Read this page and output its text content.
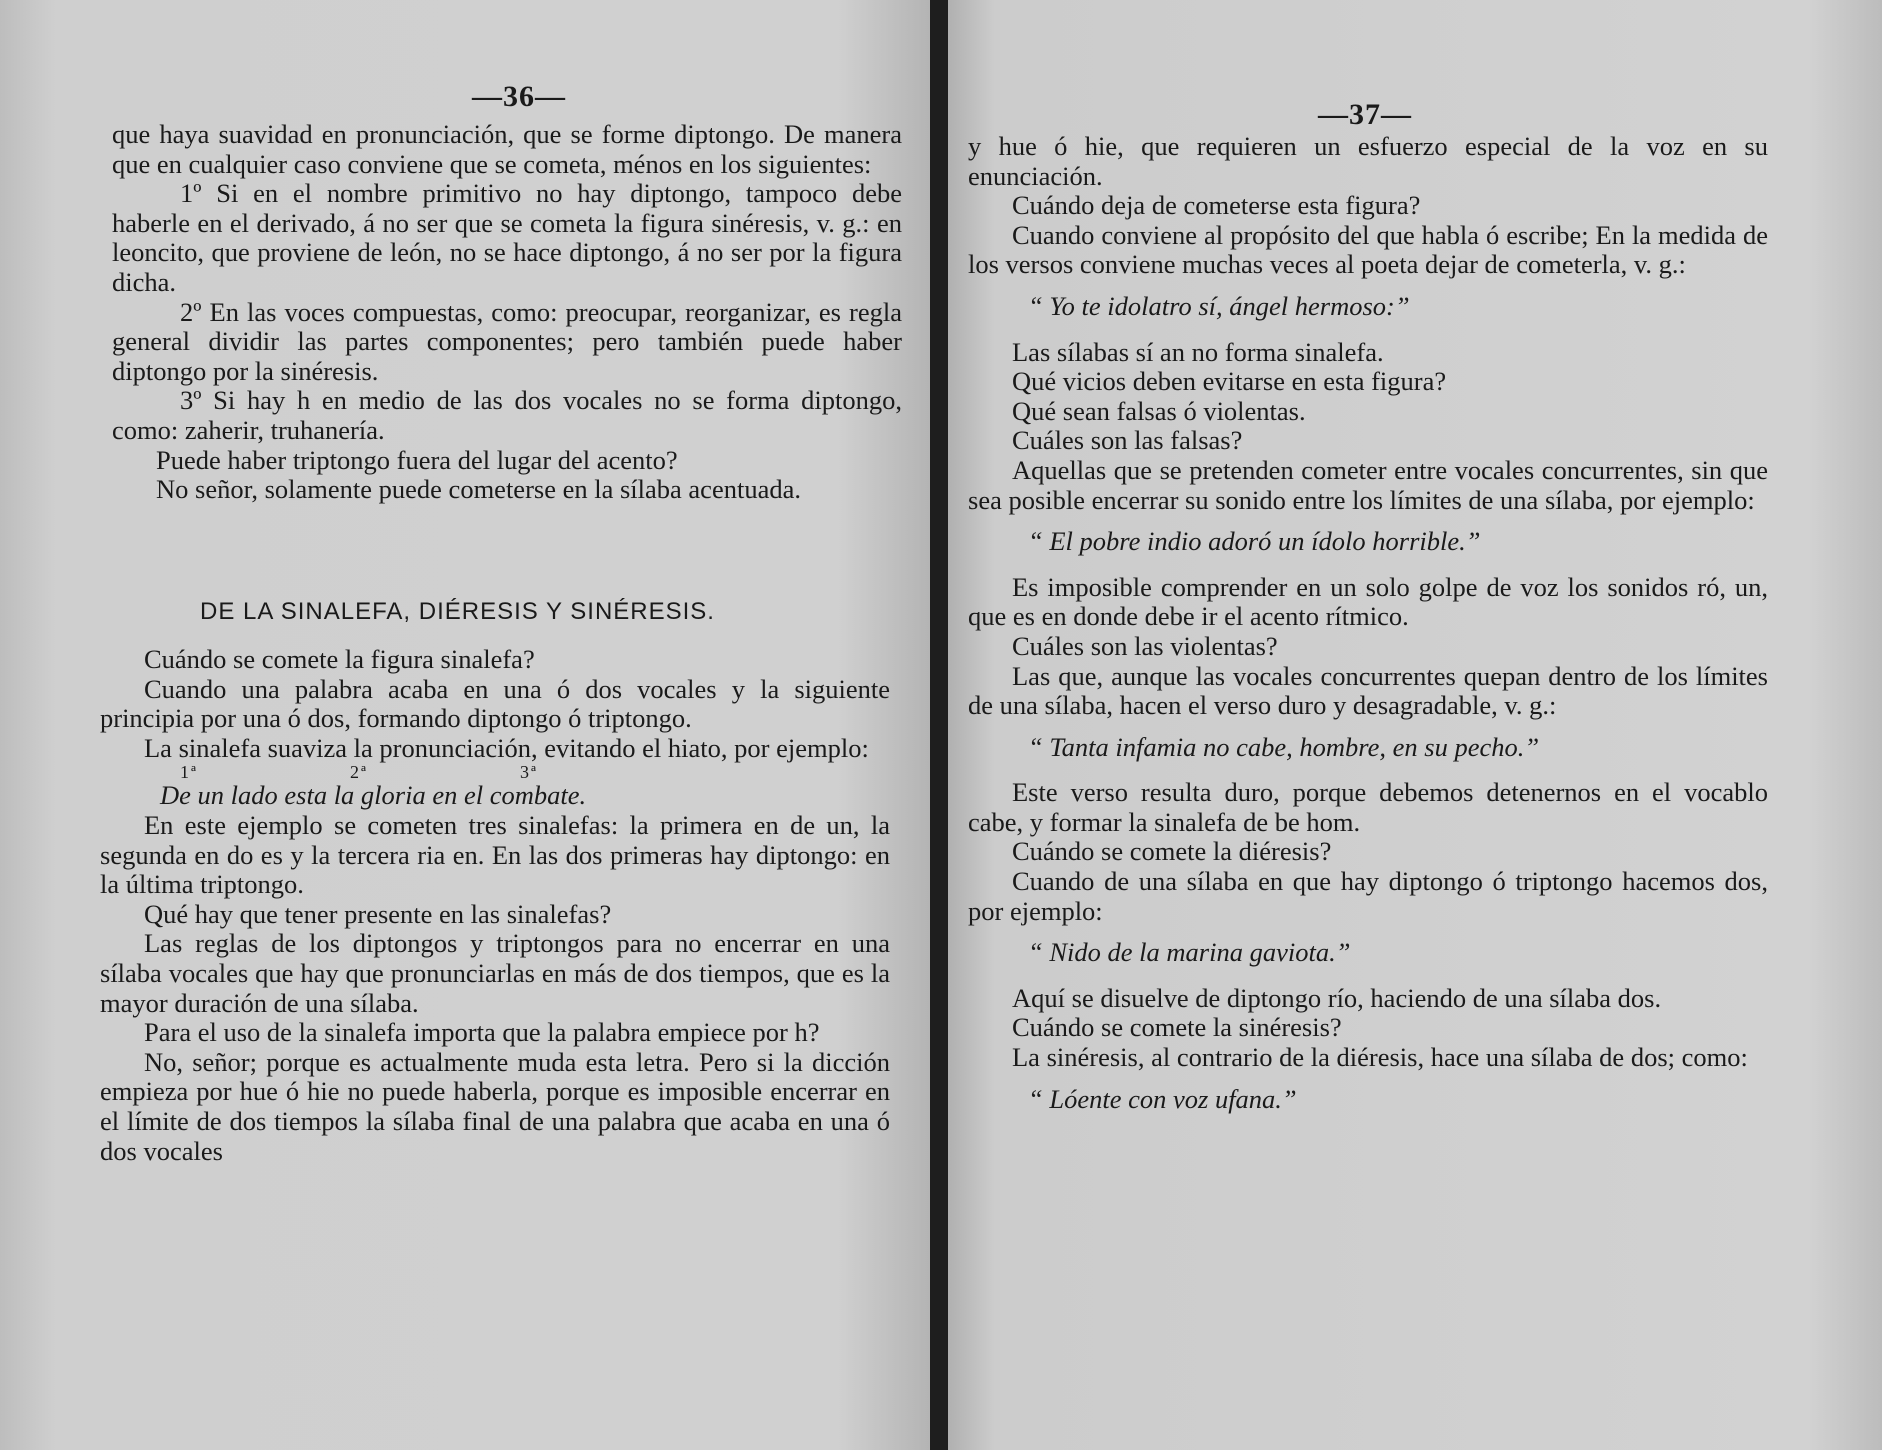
—36—

que haya suavidad en pronunciación, que se forme diptongo. De manera que en cualquier caso conviene que se cometa, ménos en los siguientes:

1º Si en el nombre primitivo no hay diptongo, tampoco debe haberle en el derivado, á no ser que se cometa la figura sinéresis, v. g.: en leoncito, que proviene de león, no se hace diptongo, á no ser por la figura dicha.

2º En las voces compuestas, como: preocupar, reorganizar, es regla general dividir las partes componentes; pero también puede haber diptongo por la sinéresis.

3º Si hay h en medio de las dos vocales no se forma diptongo, como: zaherir, truhanería.

Puede haber triptongo fuera del lugar del acento?

No señor, solamente puede cometerse en la sílaba acentuada.

DE LA SINALEFA, DIÉRESIS Y SINÉRESIS.

Cuándo se comete la figura sinalefa?

Cuando una palabra acaba en una ó dos vocales y la siguiente principia por una ó dos, formando diptongo ó triptongo.

La sinalefa suaviza la pronunciación, evitando el hiato, por ejemplo:

1ª	2ª	3ª

De un lado esta la gloria en el combate.

En este ejemplo se cometen tres sinalefas: la primera en de un, la segunda en do es y la tercera ria en. En las dos primeras hay diptongo: en la última triptongo.

Qué hay que tener presente en las sinalefas?

Las reglas de los diptongos y triptongos para no encerrar en una sílaba vocales que hay que pronunciarlas en más de dos tiempos, que es la mayor duración de una sílaba.

Para el uso de la sinalefa importa que la palabra empiece por h?

No, señor; porque es actualmente muda esta letra. Pero si la dicción empieza por hue ó hie no puede haberla, porque es imposible encerrar en el límite de dos tiempos la sílaba final de una palabra que acaba en una ó dos vocales

—37—

y hue ó hie, que requieren un esfuerzo especial de la voz en su enunciación.

Cuándo deja de cometerse esta figura?

Cuando conviene al propósito del que habla ó escribe; En la medida de los versos conviene muchas veces al poeta dejar de cometerla, v. g.:

“ Yo te idolatro sí, ángel hermoso:”

Las sílabas sí an no forma sinalefa.

Qué vicios deben evitarse en esta figura?

Qué sean falsas ó violentas.

Cuáles son las falsas?

Aquellas que se pretenden cometer entre vocales concurrentes, sin que sea posible encerrar su sonido entre los límites de una sílaba, por ejemplo:

“ El pobre indio adoró un ídolo horrible.”

Es imposible comprender en un solo golpe de voz los sonidos ró, un, que es en donde debe ir el acento rítmico.

Cuáles son las violentas?

Las que, aunque las vocales concurrentes quepan dentro de los límites de una sílaba, hacen el verso duro y desagradable, v. g.:

“ Tanta infamia no cabe, hombre, en su pecho.”

Este verso resulta duro, porque debemos detenernos en el vocablo cabe, y formar la sinalefa de be hom.

Cuándo se comete la diéresis?

Cuando de una sílaba en que hay diptongo ó triptongo hacemos dos, por ejemplo:

“ Nido de la marina gaviota.”

Aquí se disuelve de diptongo río, haciendo de una sílaba dos.

Cuándo se comete la sinéresis?

La sinéresis, al contrario de la diéresis, hace una sílaba de dos; como:

“ Lóente con voz ufana.”
